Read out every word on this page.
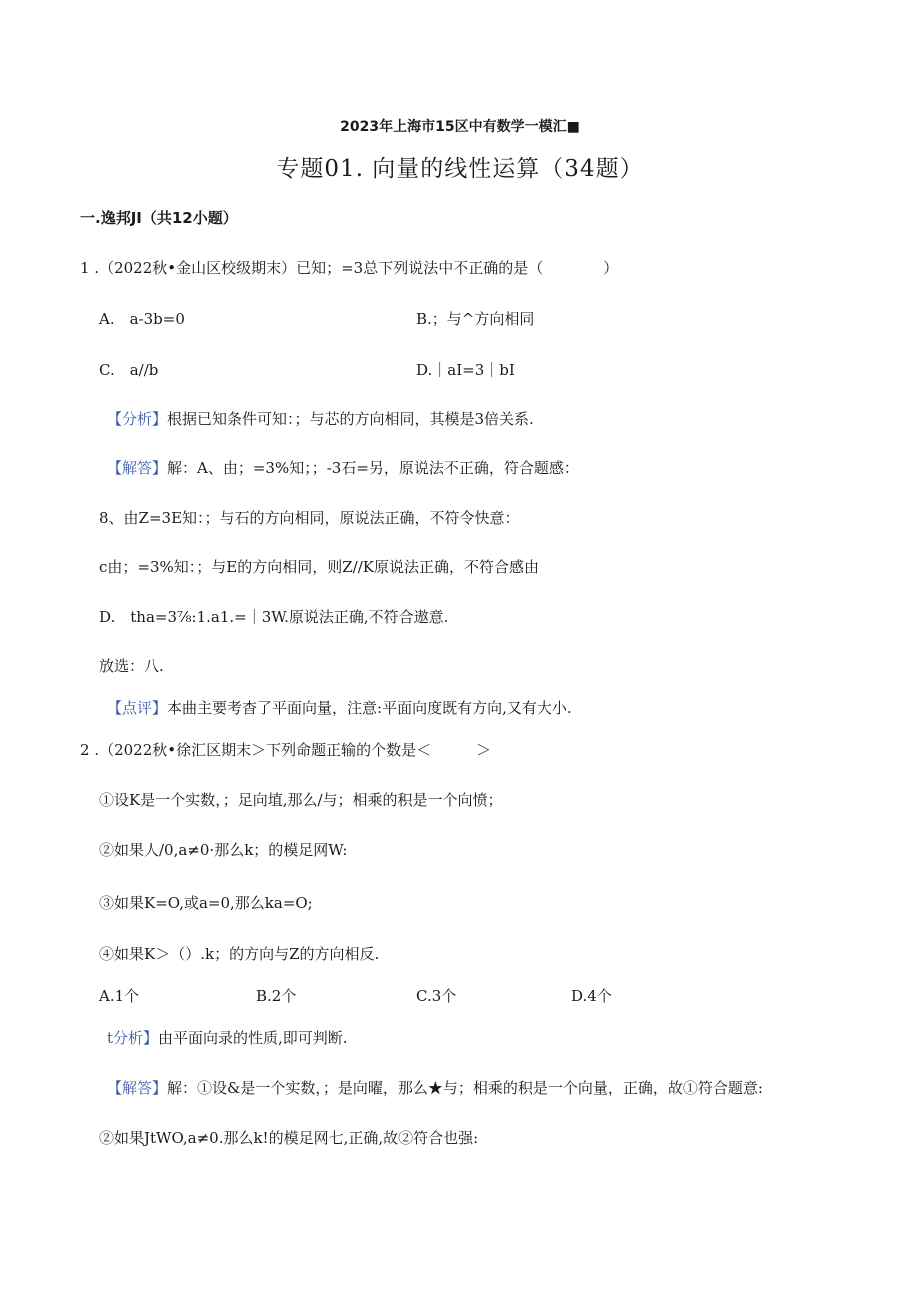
2023年上海市15区中有数学一模汇■
专题01. 向量的线性运算（34题）
一.逸邦JI（共12小题）
1 .（2022秋•金山区校级期末）已知；=3总下列说法中不正确的是（　　　　）
A.　a-3b=0	B.；与^方向相同
C.　a//b	D.｜aI=3｜bI
【分析】根据已知条件可知：；与芯的方向相同，其模是3倍关系.
【解答】解：A、由；=3%知；；-3石=另，原说法不正确，符合题感：
8、由Z=3E知：；与石的方向相同，原说法正确，不符令快意：
c由；=3%知：；与E的方向相同，则Z//K原说法正确，不符合感由
D.　tha=3⅞:1.a1.=｜3W.原说法正确,不符合遨意.
放选：八.
【点评】本曲主要考杳了平面向量，注意:平面向度既有方向,又有大小.
2 .（2022秋•徐汇区期末＞下列命题正输的个数是＜　　　＞
①设K是一个实数，；足向埴,那么/与；相乘的积是一个向愤；
②如果人/0,a≠0·那么k；的模足网W:
③如果K=O,或a=0,那么ka=O;
④如果K＞（）.k；的方向与Z的方向相反.
A.1个	B.2个	C.3个	D.4个
t分析】由平面向录的性质,即可判断.
【解答】解：①设&是一个实数，；是向曜，那么★与；相乘的积是一个向量，正确，故①符合题意:
②如果JtWO,a≠0.那么k!的模足网七,正确,故②符合也强:
